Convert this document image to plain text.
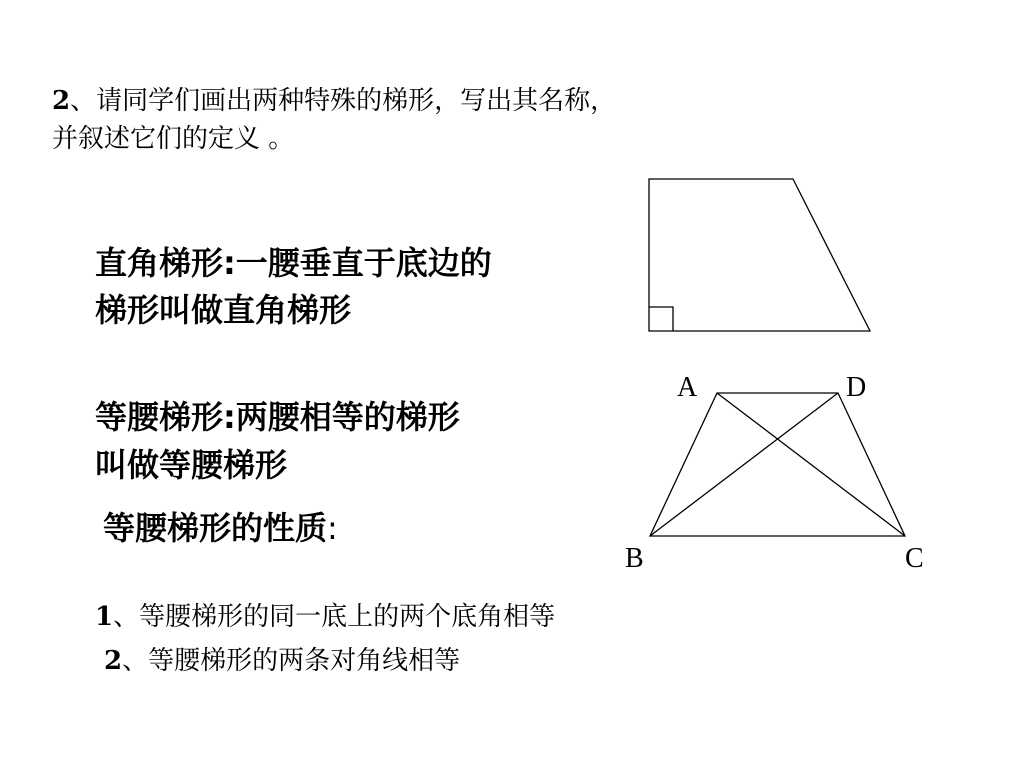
2、请同学们画出两种特殊的梯形，写出其名称，
并叙述它们的定义 。
直角梯形:一腰垂直于底边的
梯形叫做直角梯形
等腰梯形:两腰相等的梯形
叫做等腰梯形
等腰梯形的性质:
1、等腰梯形的同一底上的两个底角相等
2、等腰梯形的两条对角线相等
A	D
B	C
